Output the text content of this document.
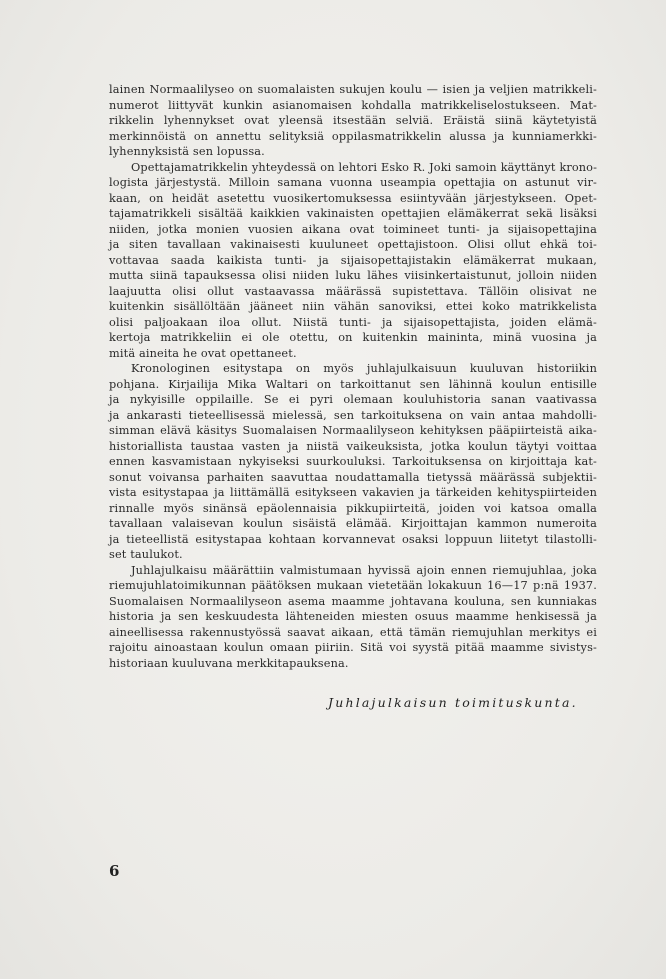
lainen Normaalilyseo on suomalaisten sukujen koulu — isien ja veljien matrikkeli-
numerot liittyvät kunkin asianomaisen kohdalla matrikkeliselostukseen. Mat-
rikkelin lyhennykset ovat yleensä itsestään selviä. Eräistä siinä käytetyistä
merkinnöistä on annettu selityksiä oppilasmatrikkelin alussa ja kunniamerkki-
lyhennyksistä sen lopussa.
Opettajamatrikkelin yhteydessä on lehtori Esko R. Joki samoin käyttänyt krono-
logista järjestystä. Milloin samana vuonna useampia opettajia on astunut vir-
kaan, on heidät asetettu vuosikertomuksessa esiintyvään järjestykseen. Opet-
tajamatrikkeli sisältää kaikkien vakinaisten opettajien elämäkerrat sekä lisäksi
niiden, jotka monien vuosien aikana ovat toimineet tunti- ja sijaisopettajina
ja siten tavallaan vakinaisesti kuuluneet opettajistoon. Olisi ollut ehkä toi-
vottavaa saada kaikista tunti- ja sijaisopettajistakin elämäkerrat mukaan,
mutta siinä tapauksessa olisi niiden luku lähes viisinkertaistunut, jolloin niiden
laajuutta olisi ollut vastaavassa määrässä supistettava. Tällöin olisivat ne
kuitenkin sisällöltään jääneet niin vähän sanoviksi, ettei koko matrikkelista
olisi paljoakaan iloa ollut. Niistä tunti- ja sijaisopettajista, joiden elämä-
kertoja matrikkeliin ei ole otettu, on kuitenkin maininta, minä vuosina ja
mitä aineita he ovat opettaneet.
Kronologinen esitystapa on myös juhlajulkaisuun kuuluvan historiikin
pohjana. Kirjailija Mika Waltari on tarkoittanut sen lähinnä koulun entisille
ja nykyisille oppilaille. Se ei pyri olemaan kouluhistoria sanan vaativassa
ja ankarasti tieteellisessä mielessä, sen tarkoituksena on vain antaa mahdolli-
simman elävä käsitys Suomalaisen Normaalilyseon kehityksen pääpiirteistä aika-
historiallista taustaa vasten ja niistä vaikeuksista, jotka koulun täytyi voittaa
ennen kasvamistaan nykyiseksi suurkouluksi. Tarkoituksensa on kirjoittaja kat-
sonut voivansa parhaiten saavuttaa noudattamalla tietyssä määrässä subjektii-
vista esitystapaa ja liittämällä esitykseen vakavien ja tärkeiden kehityspiirteiden
rinnalle myös sinänsä epäolennaisia pikkupiirteitä, joiden voi katsoa omalla
tavallaan valaisevan koulun sisäistä elämää. Kirjoittajan kammon numeroita
ja tieteellistä esitystapaa kohtaan korvannevat osaksi loppuun liitetyt tilastolli-
set taulukot.
Juhlajulkaisu määrättiin valmistumaan hyvissä ajoin ennen riemujuhlaa, joka
riemujuhlatoimikunnan päätöksen mukaan vietetään lokakuun 16—17 p:nä 1937.
Suomalaisen Normaalilyseon asema maamme johtavana kouluna, sen kunniakas
historia ja sen keskuudesta lähteneiden miesten osuus maamme henkisessä ja
aineellisessa rakennustyössä saavat aikaan, että tämän riemujuhlan merkitys ei
rajoitu ainoastaan koulun omaan piiriin. Sitä voi syystä pitää maamme sivistys-
historiaan kuuluvana merkkitapauksena.
Juhlajulkaisun toimituskunta.
6
